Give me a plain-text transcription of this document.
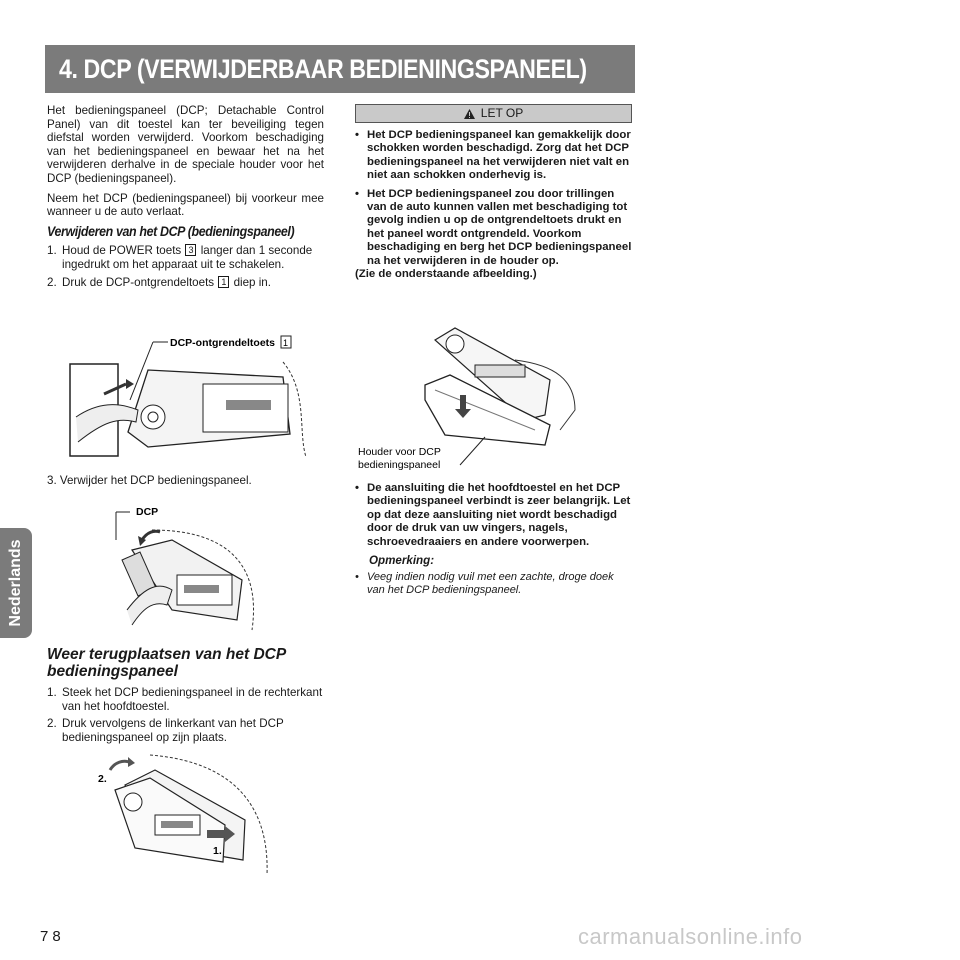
4. DCP (VERWIJDERBAAR BEDIENINGSPANEEL)

Het bedieningspaneel (DCP; Detachable Control Panel) van dit toestel kan ter beveiliging tegen diefstal worden verwijderd. Voorkom beschadiging van het bedieningspaneel en bewaar het na het verwijderen derhalve in de speciale houder voor het DCP (bedieningspaneel).

Neem het DCP (bedieningspaneel) bij voorkeur mee wanneer u de auto verlaat.

Verwijderen van het DCP (bedieningspaneel)
1. Houd de POWER toets 3 langer dan 1 seconde ingedrukt om het apparaat uit te schakelen.
2. Druk de DCP-ontgrendeltoets 1 diep in.
DCP-ontgrendeltoets 1

3. Verwijder het DCP bedieningspaneel.

DCP
Weer terugplaatsen van het DCP bedieningspaneel
1. Steek het DCP bedieningspaneel in de rechterkant van het hoofdtoestel.
2. Druk vervolgens de linkerkant van het DCP bedieningspaneel op zijn plaats.
2.
1.
LET OP
• Het DCP bedieningspaneel kan gemakkelijk door schokken worden beschadigd. Zorg dat het DCP bedieningspaneel na het verwijderen niet valt en niet aan schokken onderhevig is.
• Het DCP bedieningspaneel zou door trillingen van de auto kunnen vallen met beschadiging tot gevolg indien u op de ontgrendeltoets drukt en het paneel wordt ontgrendeld. Voorkom beschadiging en berg het DCP bedieningspaneel na het verwijderen in de houder op.
(Zie de onderstaande afbeelding.)
Houder voor DCP
bedieningspaneel
• De aansluiting die het hoofdtoestel en het DCP bedieningspaneel verbindt is zeer belangrijk. Let op dat deze aansluiting niet wordt beschadigd door de druk van uw vingers, nagels, schroevedraaiers en andere voorwerpen.
Opmerking:
• Veeg indien nodig vuil met een zachte, droge doek van het DCP bedieningspaneel.
Nederlands
78	carmanualsonline.info
